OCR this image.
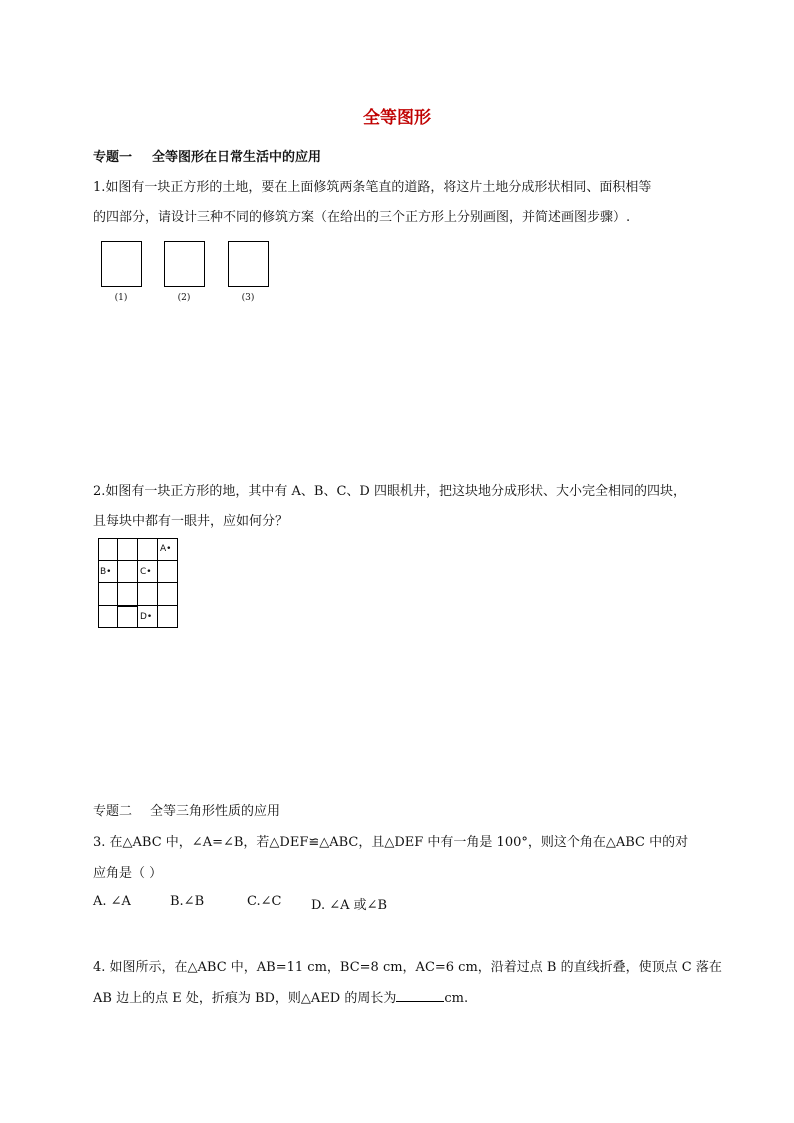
全等图形
专题一 全等图形在日常生活中的应用
1.如图有一块正方形的土地，要在上面修筑两条笔直的道路，将这片土地分成形状相同、面积相等
的四部分，请设计三种不同的修筑方案（在给出的三个正方形上分别画图，并简述画图步骤）.
(1)	(2)	(3)
2.如图有一块正方形的地，其中有 A、B、C、D 四眼机井，把这块地分成形状、大小完全相同的四块，
且每块中都有一眼井，应如何分？
A•
B•	C•
D•
专题二 全等三角形性质的应用
3. 在△ABC 中，∠A=∠B，若△DEF≌△ABC，且△DEF 中有一角是 100°，则这个角在△ABC 中的对
应角是（ ）
A. ∠A	B.∠B	C.∠C D. ∠A 或∠B
4. 如图所示，在△ABC 中，AB=11 cm，BC=8 cm，AC=6 cm，沿着过点 B 的直线折叠，使顶点 C 落在
AB 边上的点 E 处，折痕为 BD，则△AED 的周长为	cm.
